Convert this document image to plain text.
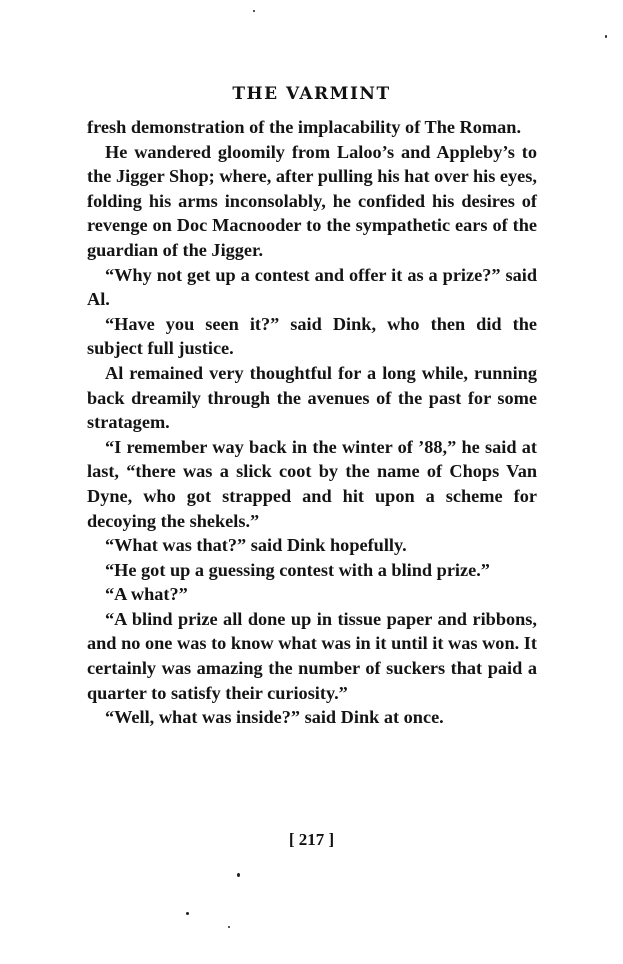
THE VARMINT

fresh demonstration of the implacability of The Roman.

He wandered gloomily from Laloo’s and Appleby’s to the Jigger Shop; where, after pulling his hat over his eyes, folding his arms inconsolably, he confided his desires of revenge on Doc Macnooder to the sympathetic ears of the guardian of the Jigger.

“Why not get up a contest and offer it as a prize?” said Al.

“Have you seen it?” said Dink, who then did the subject full justice.

Al remained very thoughtful for a long while, running back dreamily through the avenues of the past for some stratagem.

“I remember way back in the winter of ’88,” he said at last, “there was a slick coot by the name of Chops Van Dyne, who got strapped and hit upon a scheme for decoying the shekels.”

“What was that?” said Dink hopefully.

“He got up a guessing contest with a blind prize.”

“A what?”

“A blind prize all done up in tissue paper and ribbons, and no one was to know what was in it until it was won. It certainly was amazing the number of suckers that paid a quarter to satisfy their curiosity.”

“Well, what was inside?” said Dink at once.

[ 217 ]
